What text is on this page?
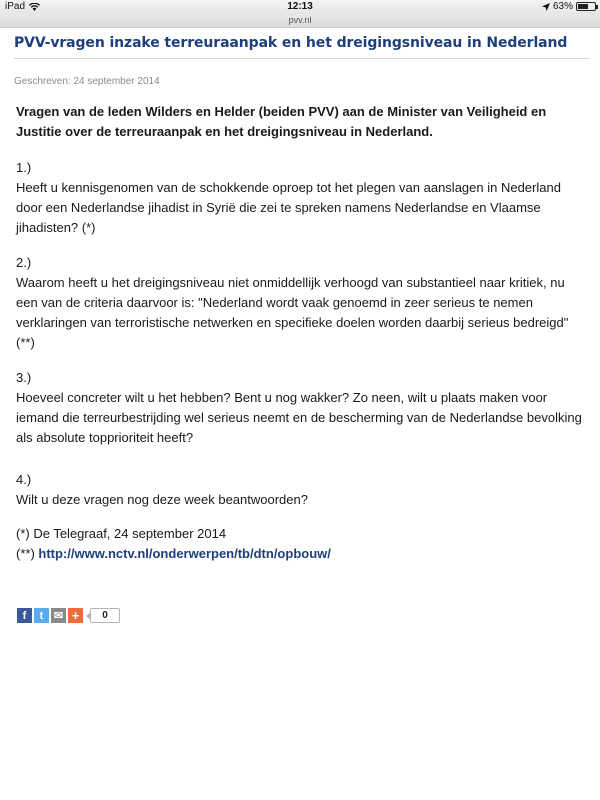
iPad	12:13	63%
pvv.nl
PVV-vragen inzake terreuraanpak en het dreigingsniveau in Nederland
Geschreven: 24 september 2014

Vragen van de leden Wilders en Helder (beiden PVV) aan de Minister van Veiligheid en Justitie over de terreuraanpak en het dreigingsniveau in Nederland.

1.)
Heeft u kennisgenomen van de schokkende oproep tot het plegen van aanslagen in Nederland door een Nederlandse jihadist in Syrië die zei te spreken namens Nederlandse en Vlaamse jihadisten? (*)
2.)
Waarom heeft u het dreigingsniveau niet onmiddellijk verhoogd van substantieel naar kritiek, nu een van de criteria daarvoor is: "Nederland wordt vaak genoemd in zeer serieus te nemen verklaringen van terroristische netwerken en specifieke doelen worden daarbij serieus bedreigd" (**)
3.)
Hoeveel concreter wilt u het hebben? Bent u nog wakker? Zo neen, wilt u plaats maken voor iemand die terreurbestrijding wel serieus neemt en de bescherming van de Nederlandse bevolking als absolute topprioriteit heeft?
4.)
Wilt u deze vragen nog deze week beantwoorden?
(*) De Telegraaf, 24 september 2014
(**) http://www.nctv.nl/onderwerpen/tb/dtn/opbouw/
f	t ✉ +	0
